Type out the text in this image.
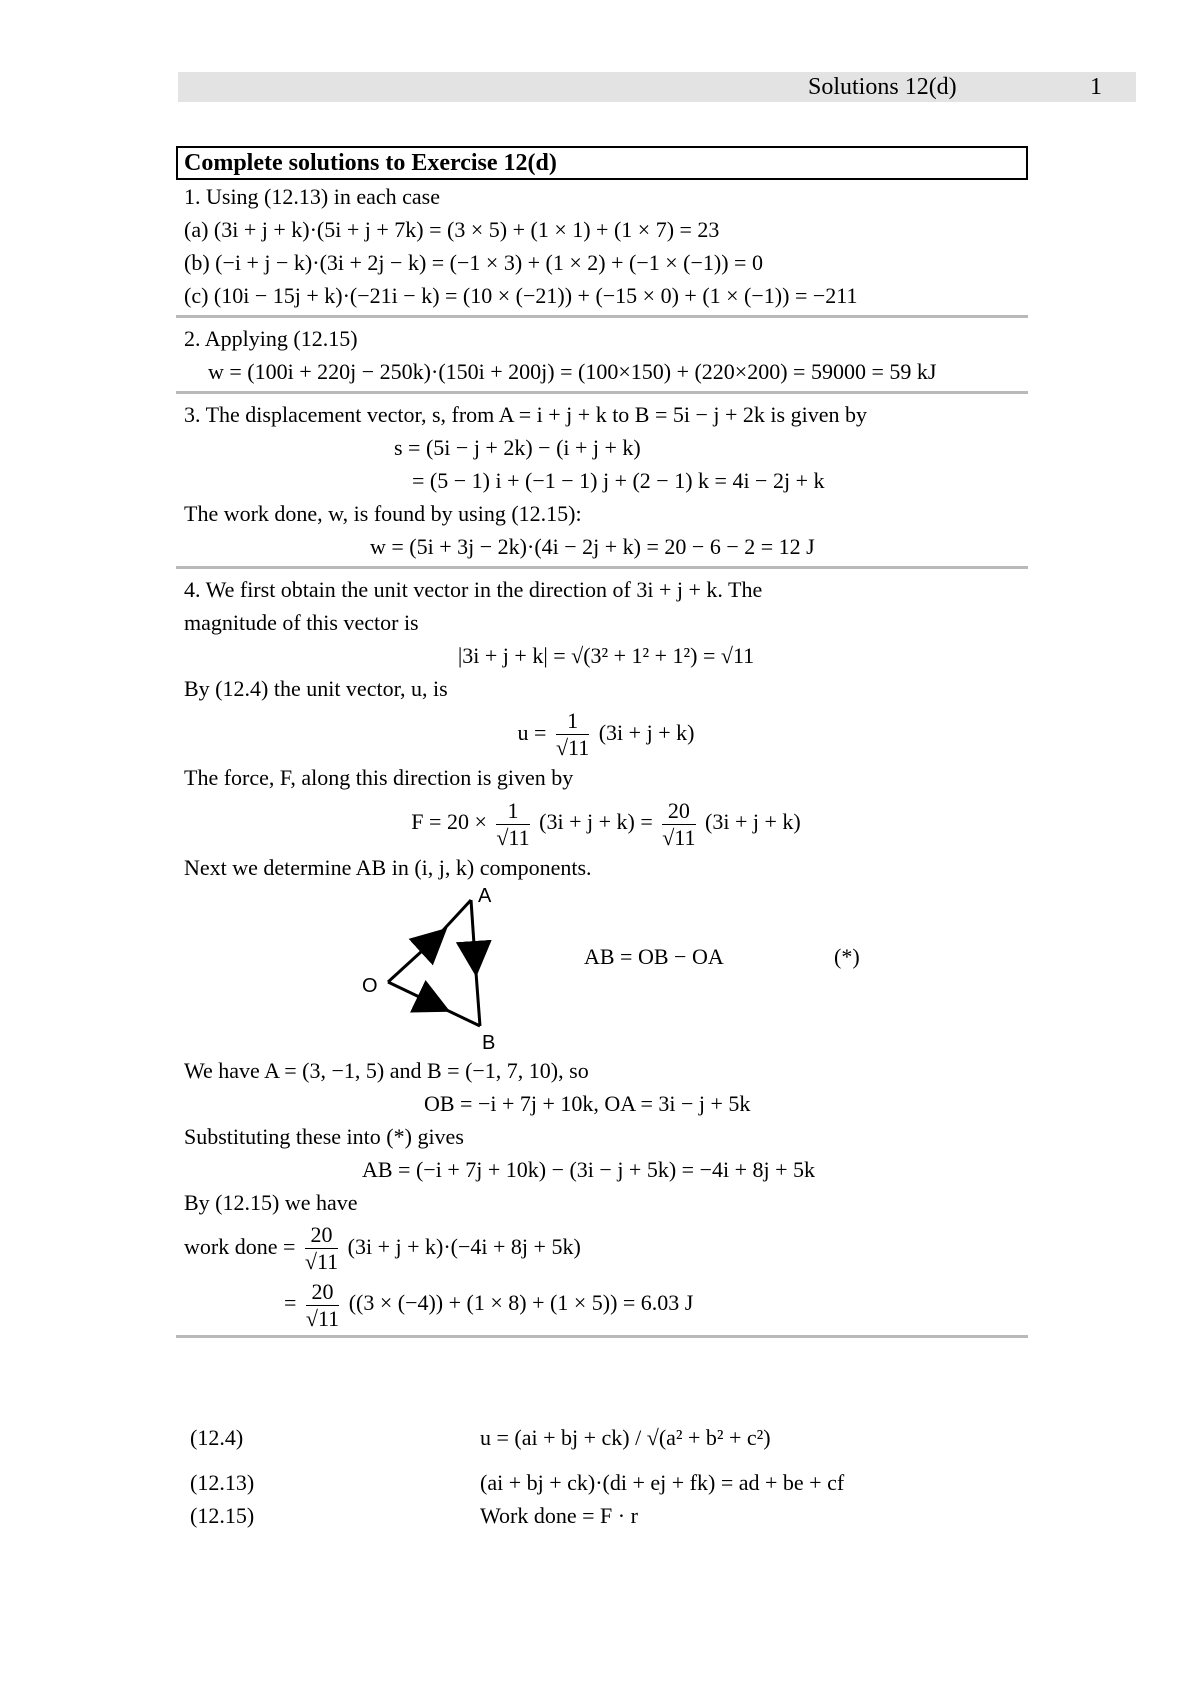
Solutions 12(d)	1
Complete solutions to Exercise 12(d)
1. Using (12.13) in each case
(a) (3i + j + k)·(5i + j + 7k) = (3 × 5) + (1 × 1) + (1 × 7) = 23
(b) (−i + j − k)·(3i + 2j − k) = (−1 × 3) + (1 × 2) + (−1 × (−1)) = 0
(c) (10i − 15j + k)·(−21i − k) = (10 × (−21)) + (−15 × 0) + (1 × (−1)) = −211
2. Applying (12.15)
w = (100i + 220j − 250k)·(150i + 200j) = (100×150) + (220×200) = 59000 = 59 kJ
3. The displacement vector, s, from A = i + j + k to B = 5i − j + 2k is given by
s = (5i − j + 2k) − (i + j + k)
= (5 − 1) i + (−1 − 1) j + (2 − 1) k = 4i − 2j + k
The work done, w, is found by using (12.15):
w = (5i + 3j − 2k)·(4i − 2j + k) = 20 − 6 − 2 = 12 J
4. We first obtain the unit vector in the direction of 3i + j + k. The
magnitude of this vector is
|3i + j + k| = √(3² + 1² + 1²) = √11
By (12.4) the unit vector, u, is
$u = \frac{1}{√11} (3i + j + k)$
The force, F, along this direction is given by
$F = 20 \times \frac{1}{√11} (3i + j + k) = \frac{20}{√11} (3i + j + k)$
Next we determine AB in (i, j, k) components.
A
O
B
AB = OB − OA	(*)
We have A = (3, −1, 5) and B = (−1, 7, 10), so
OB = −i + 7j + 10k, OA = 3i − j + 5k
Substituting these into (*) gives
AB = (−i + 7j + 10k) − (3i − j + 5k) = −4i + 8j + 5k
By (12.15) we have
work done = $\frac{20}{√11} (3i + j + k)\cdot(-4i + 8j + 5k)$
= $\frac{20}{√11} ((3 \times (-4)) + (1 \times 8) + (1 \times 5)) = 6.03$ J
(12.4)	u = (ai + bj + ck) / √(a² + b² + c²)
(12.13)	(ai + bj + ck)·(di + ej + fk) = ad + be + cf
(12.15)	Work done = F · r
